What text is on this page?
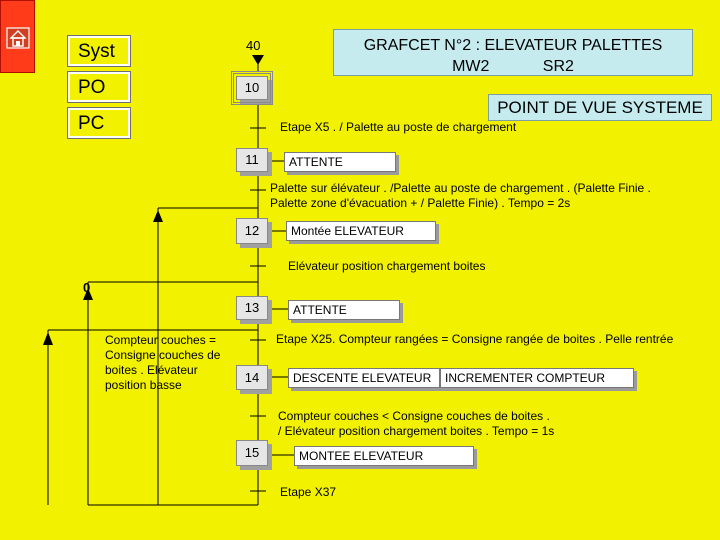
Syst
PO
PC
GRAFCET N°2 : ELEVATEUR PALETTES
MW2            SR2
POINT DE VUE SYSTEME
40
0
10
11
12
13
14
15
ATTENTE
Montée ELEVATEUR
ATTENTE
DESCENTE ELEVATEUR	INCREMENTER COMPTEUR
MONTEE ELEVATEUR
Etape X5 . / Palette au poste de chargement
Palette sur élévateur . /Palette au poste de chargement . (Palette Finie .
Palette zone d'évacuation + / Palette Finie) . Tempo = 2s
Elévateur position chargement boites
Etape X25. Compteur rangées = Consigne rangée de boites . Pelle rentrée
Compteur couches < Consigne couches de boites .
/ Elévateur position chargement boites . Tempo = 1s
Etape X37
Compteur couches =
Consigne couches de
boites . Elévateur
position basse
